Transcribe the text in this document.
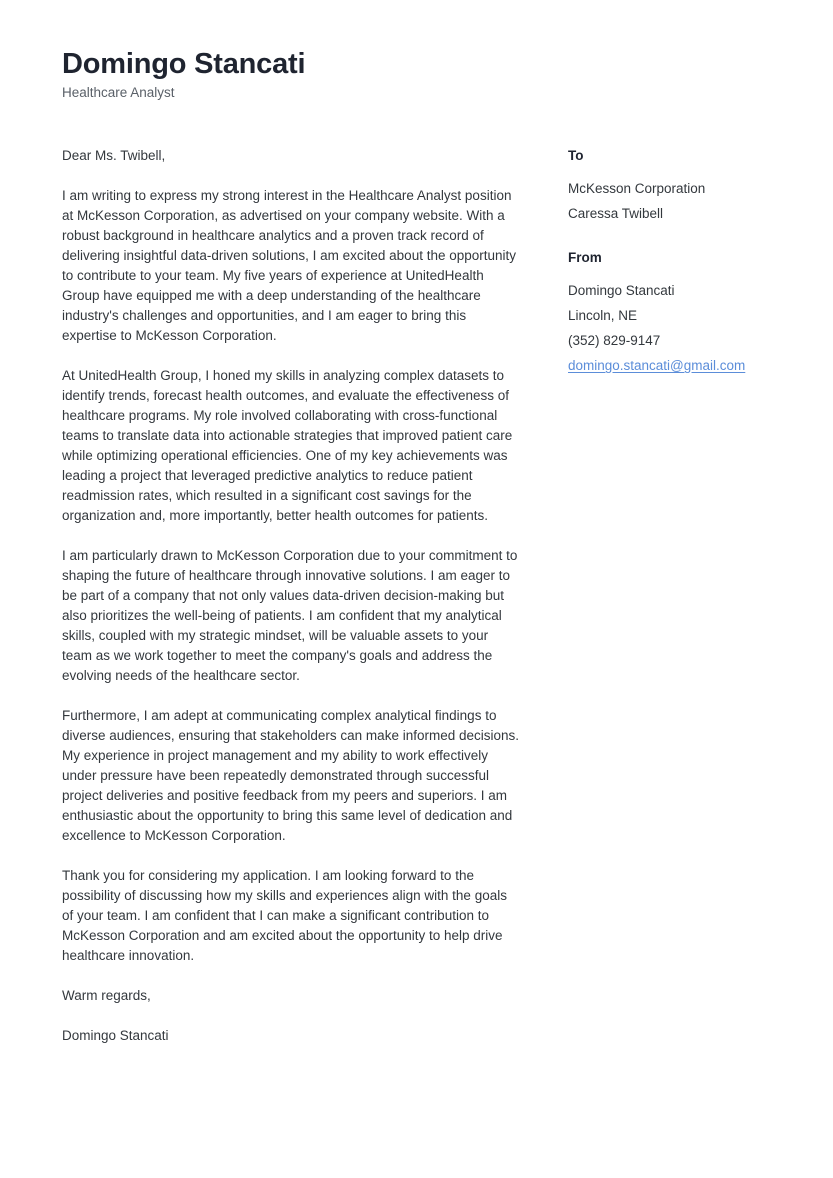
Domingo Stancati

Healthcare Analyst

Dear Ms. Twibell,

I am writing to express my strong interest in the Healthcare Analyst position at McKesson Corporation, as advertised on your company website. With a robust background in healthcare analytics and a proven track record of delivering insightful data-driven solutions, I am excited about the opportunity to contribute to your team. My five years of experience at UnitedHealth Group have equipped me with a deep understanding of the healthcare industry's challenges and opportunities, and I am eager to bring this expertise to McKesson Corporation.

At UnitedHealth Group, I honed my skills in analyzing complex datasets to identify trends, forecast health outcomes, and evaluate the effectiveness of healthcare programs. My role involved collaborating with cross-functional teams to translate data into actionable strategies that improved patient care while optimizing operational efficiencies. One of my key achievements was leading a project that leveraged predictive analytics to reduce patient readmission rates, which resulted in a significant cost savings for the organization and, more importantly, better health outcomes for patients.

I am particularly drawn to McKesson Corporation due to your commitment to shaping the future of healthcare through innovative solutions. I am eager to be part of a company that not only values data-driven decision-making but also prioritizes the well-being of patients. I am confident that my analytical skills, coupled with my strategic mindset, will be valuable assets to your team as we work together to meet the company's goals and address the evolving needs of the healthcare sector.

Furthermore, I am adept at communicating complex analytical findings to diverse audiences, ensuring that stakeholders can make informed decisions. My experience in project management and my ability to work effectively under pressure have been repeatedly demonstrated through successful project deliveries and positive feedback from my peers and superiors. I am enthusiastic about the opportunity to bring this same level of dedication and excellence to McKesson Corporation.

Thank you for considering my application. I am looking forward to the possibility of discussing how my skills and experiences align with the goals of your team. I am confident that I can make a significant contribution to McKesson Corporation and am excited about the opportunity to help drive healthcare innovation.

Warm regards,

Domingo Stancati

To
McKesson Corporation
Caressa Twibell
From
Domingo Stancati
Lincoln, NE
(352) 829-9147
domingo.stancati@gmail.com
